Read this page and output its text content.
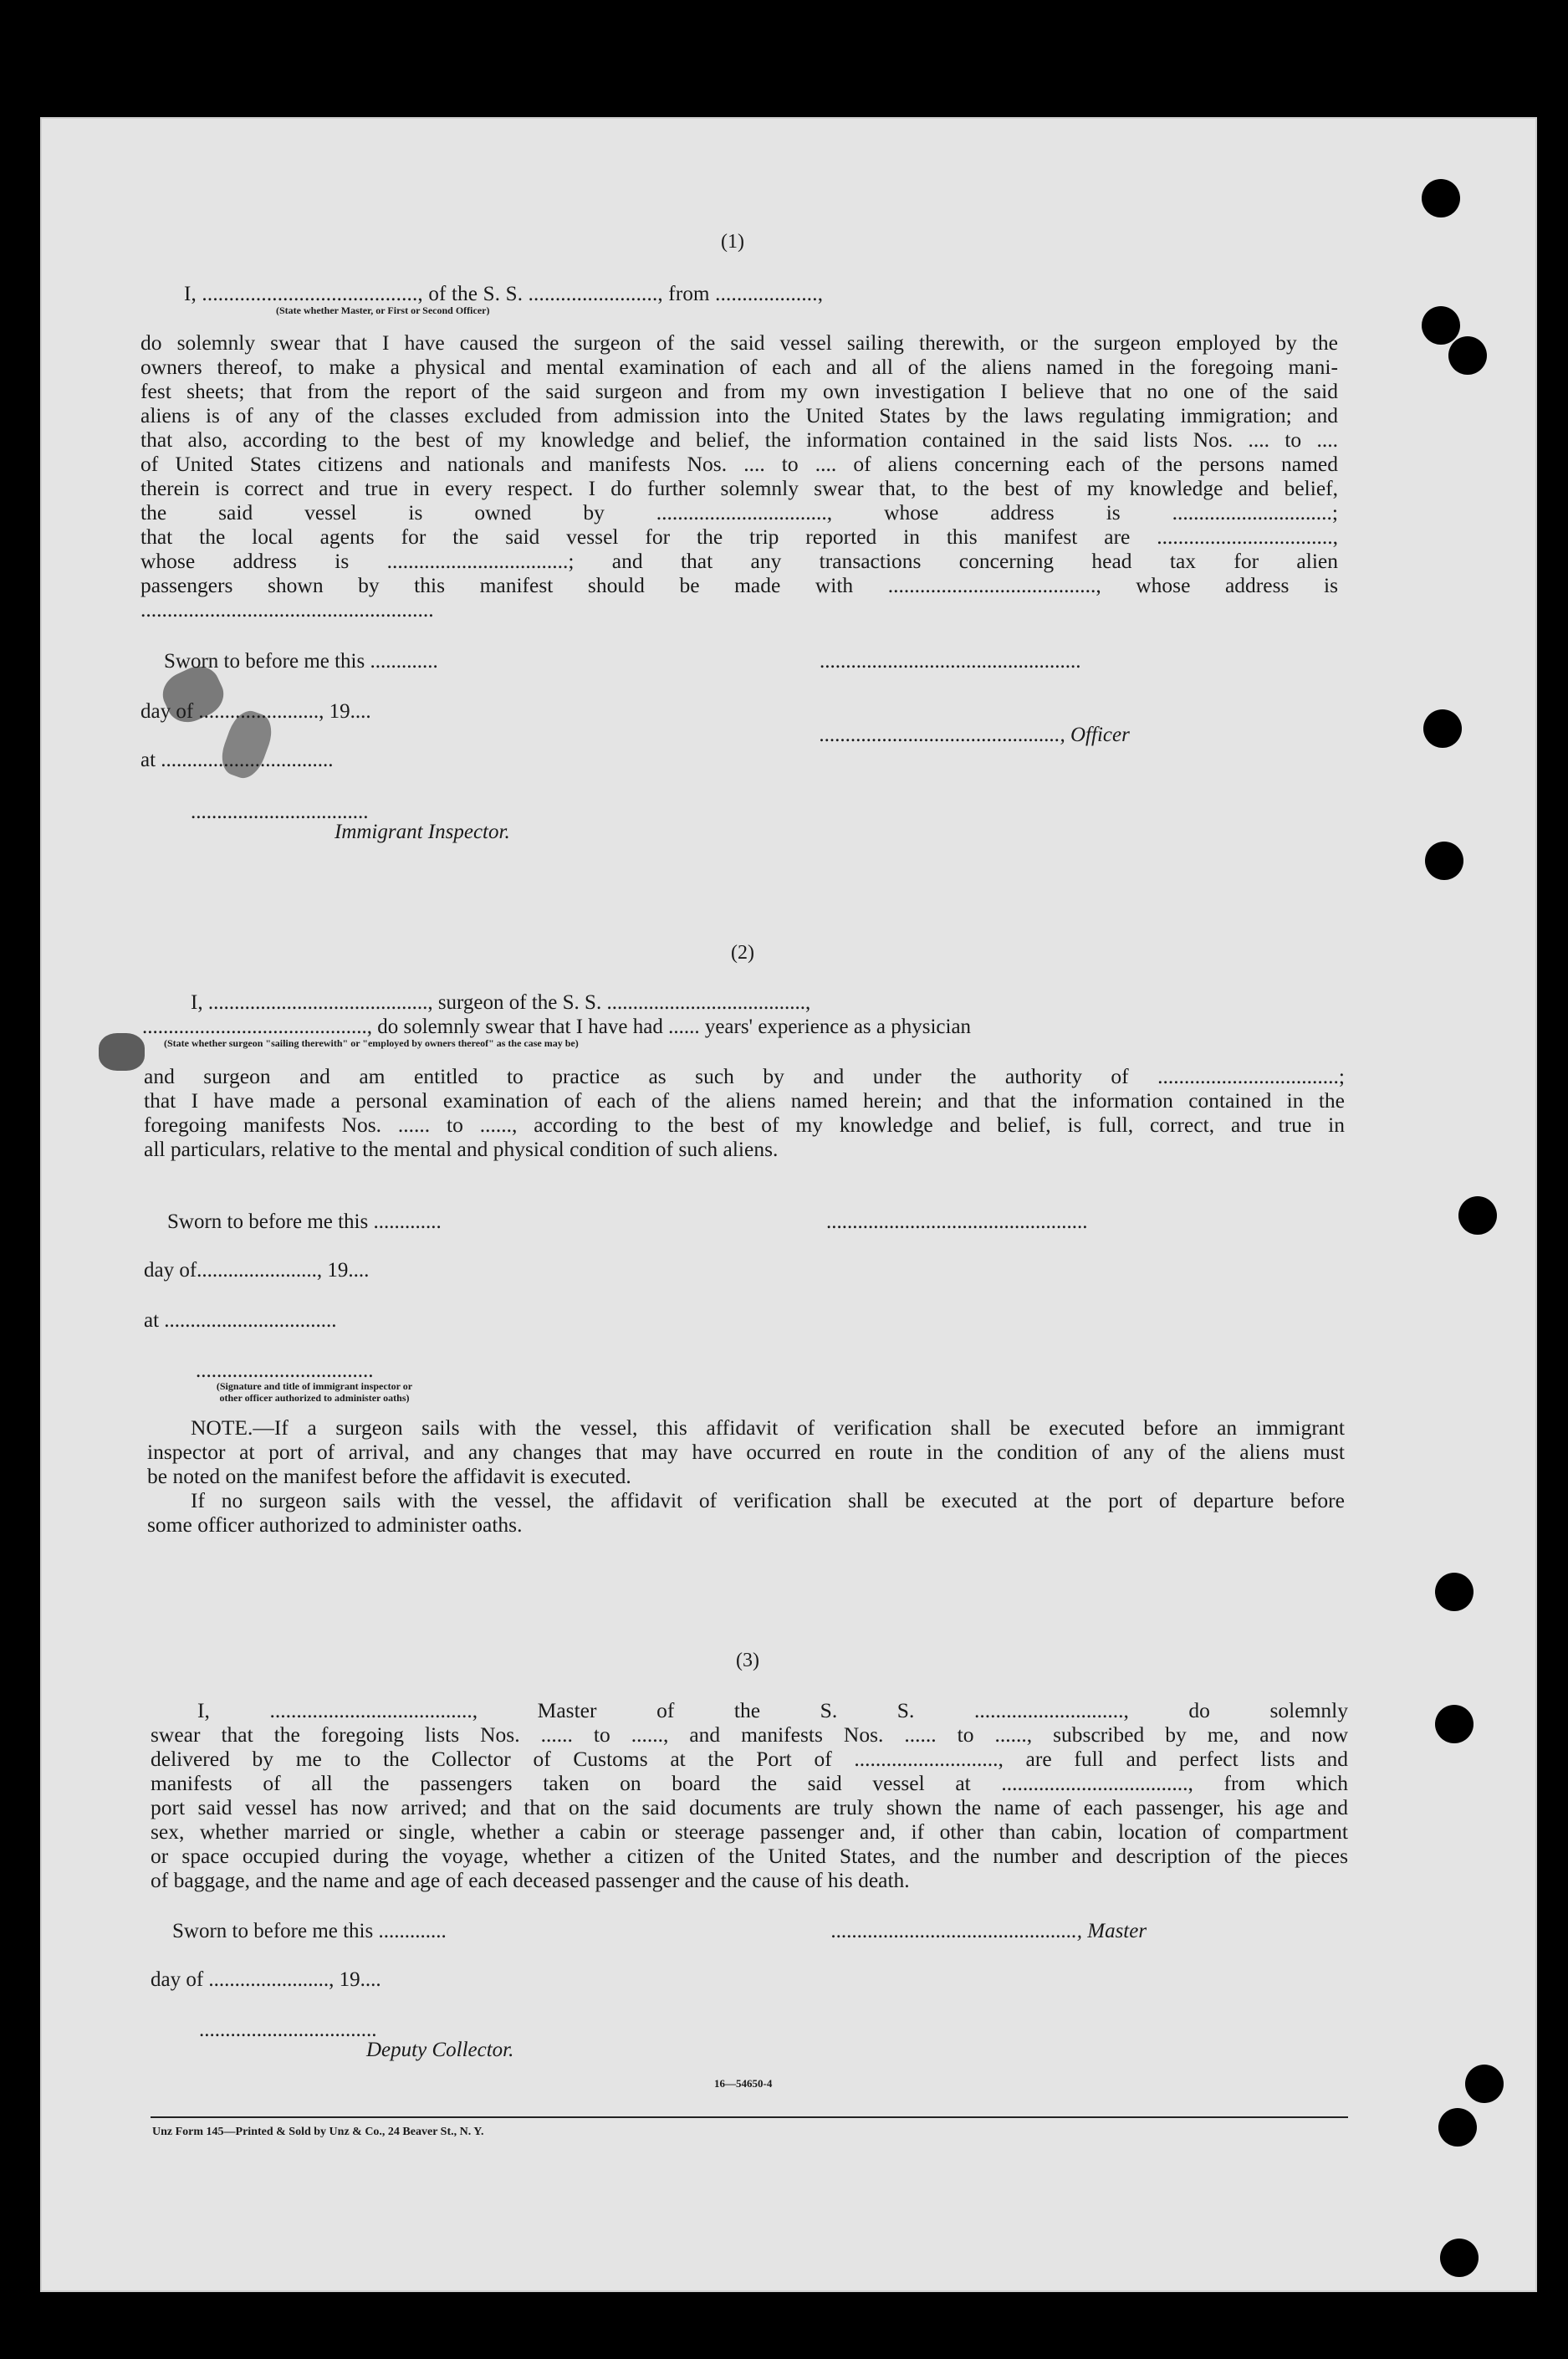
(1)
I, ........................................, of the S. S. ........................, from ...................,
(State whether Master, or First or Second Officer)
do solemnly swear that I have caused the surgeon of the said vessel sailing therewith, or the surgeon employed by the
owners thereof, to make a physical and mental examination of each and all of the aliens named in the foregoing mani-
fest sheets; that from the report of the said surgeon and from my own investigation I believe that no one of the said
aliens is of any of the classes excluded from admission into the United States by the laws regulating immigration; and
that also, according to the best of my knowledge and belief, the information contained in the said lists Nos. .... to ....
of United States citizens and nationals and manifests Nos. .... to .... of aliens concerning each of the persons named
therein is correct and true in every respect. I do further solemnly swear that, to the best of my knowledge and belief,
the said vessel is owned by ................................, whose address is ..............................;
that the local agents for the said vessel for the trip reported in this manifest are .................................,
whose address is ..................................; and that any transactions concerning head tax for alien
passengers shown by this manifest should be made with ......................................., whose address is
.......................................................
Sworn to before me this .............	..................................................
day of ......................., 19....
.............................................., Officer
at .................................
..................................
Immigrant Inspector.
(2)
I, .........................................., surgeon of the S. S. ......................................,
..........................................., do solemnly swear that I have had ...... years' experience as a physician
(State whether surgeon "sailing therewith" or "employed by owners thereof" as the case may be)
and surgeon and am entitled to practice as such by and under the authority of ..................................;
that I have made a personal examination of each of the aliens named herein; and that the information contained in the
foregoing manifests Nos. ...... to ......, according to the best of my knowledge and belief, is full, correct, and true in
all particulars, relative to the mental and physical condition of such aliens.
Sworn to before me this .............	..................................................
day of......................., 19....
at .................................
..................................
(Signature and title of immigrant inspector or other officer authorized to administer oaths)
NOTE.—If a surgeon sails with the vessel, this affidavit of verification shall be executed before an immigrant
inspector at port of arrival, and any changes that may have occurred en route in the condition of any of the aliens must
be noted on the manifest before the affidavit is executed.
If no surgeon sails with the vessel, the affidavit of verification shall be executed at the port of departure before
some officer authorized to administer oaths.
(3)
I, ......................................, Master of the S. S. ............................, do solemnly
swear that the foregoing lists Nos. ...... to ......, and manifests Nos. ...... to ......, subscribed by me, and now
delivered by me to the Collector of Customs at the Port of ..........................., are full and perfect lists and
manifests of all the passengers taken on board the said vessel at ..................................., from which
port said vessel has now arrived; and that on the said documents are truly shown the name of each passenger, his age and
sex, whether married or single, whether a cabin or steerage passenger and, if other than cabin, location of compartment
or space occupied during the voyage, whether a citizen of the United States, and the number and description of the pieces
of baggage, and the name and age of each deceased passenger and the cause of his death.
Sworn to before me this .............	..............................................., Master
day of ......................., 19....
..................................
Deputy Collector.
16—54650-4
Unz Form 145—Printed & Sold by Unz & Co., 24 Beaver St., N. Y.
